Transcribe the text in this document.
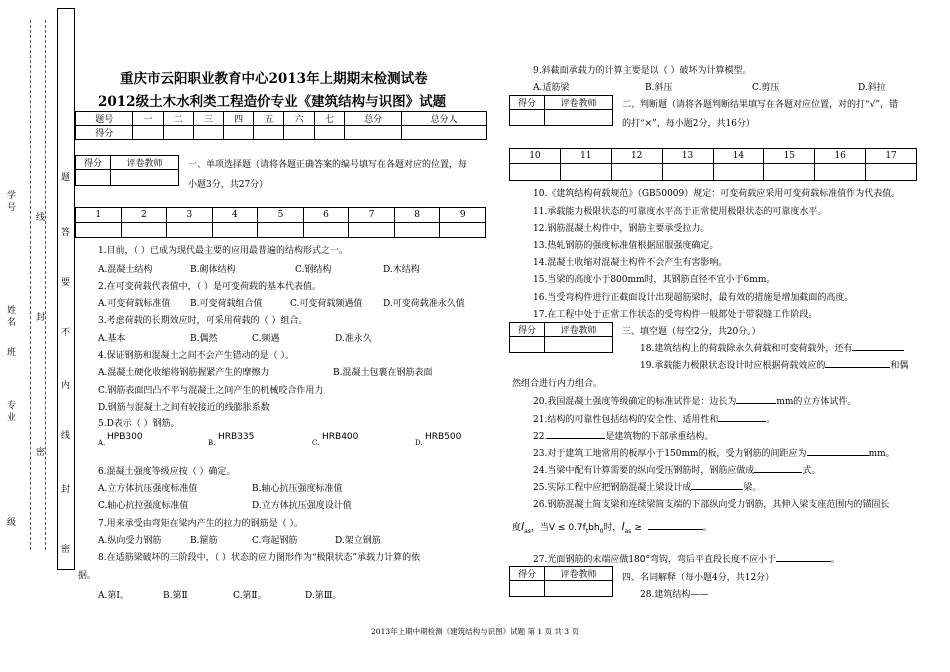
学号
姓名
班
专业
级
线
封
密
题
答
要
不
内
线
封
密
重庆市云阳职业教育中心2013年上期期末检测试卷
2012级土木水利类工程造价专业《建筑结构与识图》试题
题号	一	二	三	四	五	六	七	总分	总分人
得分									
得分	评卷教师
		一、单项选择题（请将各题正确答案的编号填写在各题对应的位置，每
小题3分，共27分）
1	2	3	4	5	6	7	8	9

1.目前，（ ）已成为现代最主要的应用最普遍的结构形式之一。
A.混凝土结构	B.砌体结构	C.钢结构	D.木结构
2.在可变荷载代表值中，（ ）是可变荷载的基本代表值。
A.可变荷载标准值 B.可变荷载组合值	C.可变荷载频遇值 D.可变荷载准永久值
3.考虑荷载的长期效应时，可采用荷载的（ ）组合。
A.基本	B.偶然	C.频遇	D.准永久
4.保证钢筋和混凝土之间不会产生错动的是（ ）。
A.混凝土硬化收缩将钢筋握紧产生的摩擦力	B.混凝土包裹在钢筋表面
C.钢筋表面凹凸不平与混凝土之间产生的机械咬合作用力
D.钢筋与混凝土之间有较接近的线膨胀系数
5.D表示（ ）钢筋。
A.
HPB300
B.
HRB335
C.
HRB400
D.
HRB500
6.混凝土强度等级应按（ ）确定。
A.立方体抗压强度标准值	B.轴心抗压强度标准值
C.轴心抗拉强度标准值	D.立方体抗压强度设计值
7.用来承受由弯矩在梁内产生的拉力的钢筋是（ ）。
A.纵向受力钢筋	B.箍筋	C.弯起钢筋	D.架立钢筋
8.在适筋梁破坏的三阶段中，（ ）状态的应力图形作为“极限状态”承载力计算的依
据。
A.第Ⅰ。	B.第Ⅱ	C.第Ⅱ。	D.第Ⅲ。
9.斜截面承载力的计算主要是以（ ）破坏为计算模型。
A.适筋梁	B.斜压	C.剪压	D.斜拉
得分	评卷教师
		二、判断题（请将各题判断结果填写在各题对应位置，对的打“√”，错
的打“×”，每小题2分，共16分）
10	11	12	13	14	15	16	17

10.《建筑结构荷载规范》（GB50009）规定：可变荷载应采用可变荷载标准值作为代表值。
11.承载能力极限状态的可靠度水平高于正常使用极限状态的可靠度水平。
12.钢筋混凝土构件中，钢筋主要承受拉力。
13.热轧钢筋的强度标准值根据屈服强度确定。
14.混凝土收缩对混凝土构件不会产生有害影响。
15.当梁的高度小于800mm时，其钢筋直径不宜小于6mm。
16.当受弯构件进行正截面设计出现超筋梁时，最有效的措施是增加截面的高度。
17.在工程中处于正常工作状态的受弯构件一般都处于带裂缝工作阶段。
得分	评卷教师
		三、填空题（每空2分，共20分。）
18.建筑结构上的荷载除永久荷载和可变荷载外，还有
19.承载能力极限状态设计时应根据荷载效应的	和偶
然组合进行内力组合。
20.我国混凝土强度等级确定的标准试件是：边长为	mm的立方体试件。
21.结构的可靠性包括结构的安全性、适用性和	。
22.	是建筑物的下部承重结构。
23.对于建筑工地常用的板厚小于150mm的板，受力钢筋的间距应为	mm。
24.当梁中配有计算需要的纵向受压钢筋时，钢筋应做成	式。
25.实际工程中应把钢筋混凝土梁设计成	梁。
26.钢筋混凝土简支梁和连续梁简支端的下部纵向受力钢筋，其伸入梁支座范围内的锚固长
度$l_{as}$，当$V \le 0.7f_tbh_0$时，$l_{as}$ ≥	。
27.光面钢筋的末端应做180°弯钩，弯后平直段长度不应小于	。
得分	评卷教师
		四、名词解释（每小题4分，共12分）
28.建筑结构——
2013年上期中期检测《建筑结构与识图》试题 第 1 页 共 3 页
